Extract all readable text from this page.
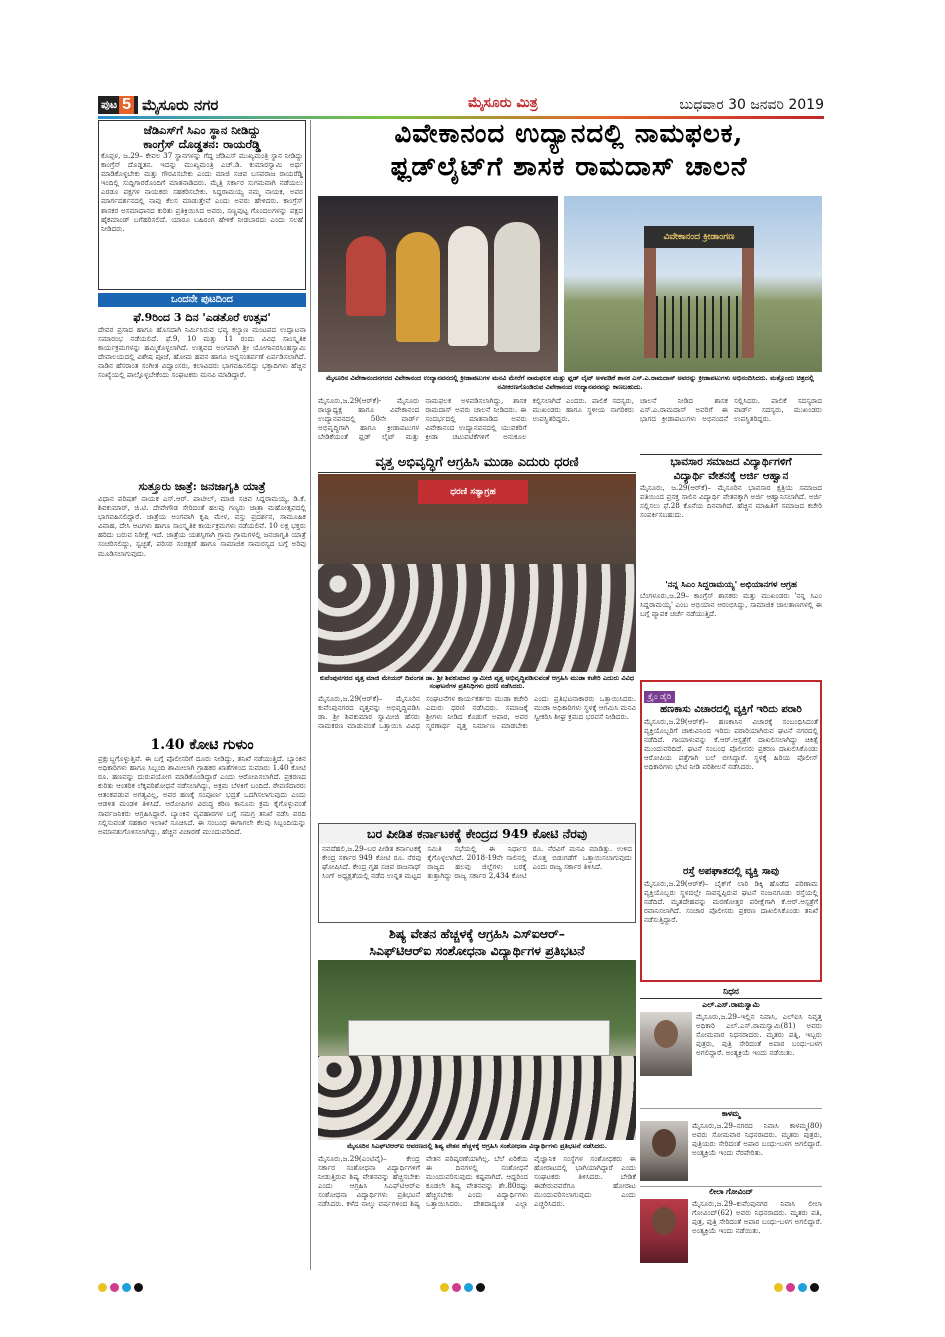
ಪುಟ 5 ಮೈಸೂರು ನಗರ	ಮೈಸೂರು ಮಿತ್ರ	ಬುಧವಾರ 30 ಜನವರಿ 2019

ಜೆಡಿಎಸ್‌ಗೆ ಸಿಎಂ ಸ್ಥಾನ ನೀಡಿದ್ದು

ಕಾಂಗ್ರೆಸ್ ದೊಡ್ಡತನ: ರಾಯರೆಡ್ಡಿ

ಕೊಪ್ಪಳ, ಜ.29– ಕೇವಲ 37 ಸ್ಥಾನಗಳನ್ನು ಗೆದ್ದ ಜೆಡಿಎಸ್ ಮುಖ್ಯಮಂತ್ರಿ ಸ್ಥಾನ ನೀಡಿದ್ದು ಕಾಂಗ್ರೆಸ್ ದೊಡ್ಡತನ. ಇದನ್ನು ಮುಖ್ಯಮಂತ್ರಿ ಎಚ್.ಡಿ. ಕುಮಾರಸ್ವಾಮಿ ಅರ್ಥ ಮಾಡಿಕೊಳ್ಳಬೇಕು ಮತ್ತು ಗೌರವಿಸಬೇಕು ಎಂದು ಮಾಜಿ ಸಚಿವ ಬಸವರಾಜ ರಾಯರೆಡ್ಡಿ ಇಂದಿಲ್ಲಿ ಸುದ್ದಿಗಾರರೊಂದಿಗೆ ಮಾತನಾಡಿದರು. ಮೈತ್ರಿ ಸರ್ಕಾರ ಸುಗಮವಾಗಿ ನಡೆಯಲು ಎರಡೂ ಪಕ್ಷಗಳ ನಾಯಕರು ಸಹಕರಿಸಬೇಕು. ಸಿದ್ದರಾಮಯ್ಯ ನಮ್ಮ ನಾಯಕ, ಅವರ ಮಾರ್ಗದರ್ಶನದಲ್ಲಿ ನಾವು ಕೆಲಸ ಮಾಡುತ್ತೇವೆ ಎಂದು ಅವರು ಹೇಳಿದರು. ಕಾಂಗ್ರೆಸ್ ಶಾಸಕರ ಅಸಮಾಧಾನದ ಕುರಿತು ಪ್ರತಿಕ್ರಿಯಿಸಿದ ಅವರು, ಸಣ್ಣಪುಟ್ಟ ಗೊಂದಲಗಳನ್ನು ಪಕ್ಷದ ಹೈಕಮಾಂಡ್ ಬಗೆಹರಿಸಲಿದೆ. ಯಾರೂ ಬಹಿರಂಗ ಹೇಳಿಕೆ ನೀಡಬಾರದು ಎಂದು ಸಲಹೆ ನೀಡಿದರು.

ಒಂದನೇ ಪುಟದಿಂದ

ಫೆ.9ರಿಂದ 3 ದಿನ 'ಎಡತೊರೆ ಉತ್ಸವ'

ದೇವರ ಪ್ರಸಾದ ಹಾಗೂ ಹೊಸದಾಗಿ ನಿರ್ಮಿಸಿರುವ ಭವ್ಯ ಕಲ್ಯಾಣ ಮಂಟಪದ ಉದ್ಘಾಟನಾ ಸಮಾರಂಭ ನಡೆಯಲಿದೆ. ಫೆ.9, 10 ಮತ್ತು 11 ರಂದು ವಿವಿಧ ಸಾಂಸ್ಕೃತಿಕ ಕಾರ್ಯಕ್ರಮಗಳನ್ನು ಹಮ್ಮಿಕೊಳ್ಳಲಾಗಿದೆ. ಉತ್ಸವದ ಅಂಗವಾಗಿ ಶ್ರೀ ಯೋಗಾನರಸಿಂಹಸ್ವಾಮಿ ದೇವಾಲಯದಲ್ಲಿ ವಿಶೇಷ ಪೂಜೆ, ಹೋಮ ಹವನ ಹಾಗೂ ಅನ್ನಸಂತರ್ಪಣೆ ಏರ್ಪಡಿಸಲಾಗಿದೆ. ನಾಡಿನ ಹೆಸರಾಂತ ಸಂಗೀತ ವಿದ್ವಾಂಸರು, ಕಲಾವಿದರು ಭಾಗವಹಿಸಲಿದ್ದು ಭಕ್ತಾದಿಗಳು ಹೆಚ್ಚಿನ ಸಂಖ್ಯೆಯಲ್ಲಿ ಪಾಲ್ಗೊಳ್ಳಬೇಕೆಂದು ಸಂಘಟಕರು ಮನವಿ ಮಾಡಿದ್ದಾರೆ.

ಸುತ್ತೂರು ಜಾತ್ರೆ: ಜನಜಾಗೃತಿ ಯಾತ್ರೆ

ವಿಧಾನ ಪರಿಷತ್ ನಾಯಕ ಎಸ್.ಆರ್. ಪಾಟೀಲ್, ಮಾಜಿ ಸಚಿವ ಸಿದ್ದರಾಮಯ್ಯ, ಡಿ.ಕೆ. ಶಿವಕುಮಾರ್, ಜಿ.ಟಿ. ದೇವೇಗೌಡ ಸೇರಿದಂತೆ ಹಲವು ಗಣ್ಯರು ಜಾತ್ರಾ ಮಹೋತ್ಸವದಲ್ಲಿ ಭಾಗವಹಿಸಲಿದ್ದಾರೆ. ಜಾತ್ರೆಯ ಅಂಗವಾಗಿ ಕೃಷಿ ಮೇಳ, ವಸ್ತು ಪ್ರದರ್ಶನ, ಸಾಮೂಹಿಕ ವಿವಾಹ, ದೇಸಿ ಆಟಗಳು ಹಾಗೂ ಸಾಂಸ್ಕೃತಿಕ ಕಾರ್ಯಕ್ರಮಗಳು ನಡೆಯಲಿವೆ. 10 ಲಕ್ಷ ಭಕ್ತರು ಹರಿದು ಬರುವ ನಿರೀಕ್ಷೆ ಇದೆ. ಜಾತ್ರೆಯ ಯಶಸ್ಸಿಗಾಗಿ ಗ್ರಾಮ ಗ್ರಾಮಗಳಲ್ಲಿ ಜನಜಾಗೃತಿ ಯಾತ್ರೆ ಸಂಚರಿಸಲಿದ್ದು, ಸ್ವಚ್ಛತೆ, ಪರಿಸರ ಸಂರಕ್ಷಣೆ ಹಾಗೂ ಸಾಮಾಜಿಕ ಸಾಮರಸ್ಯದ ಬಗ್ಗೆ ಅರಿವು ಮೂಡಿಸಲಾಗುವುದು.

1.40 ಕೋಟಿ ಗುಳುಂ

ಪ್ರಕ್ಷುಬ್ಧಗೊಳ್ಳುತ್ತಿವೆ. ಈ ಬಗ್ಗೆ ಪೊಲೀಸರಿಗೆ ದೂರು ನೀಡಿದ್ದು, ತನಿಖೆ ನಡೆಯುತ್ತಿದೆ. ಬ್ಯಾಂಕಿನ ಅಧಿಕಾರಿಗಳು ಹಾಗೂ ಸಿಬ್ಬಂದಿ ಶಾಮೀಲಾಗಿ ಗ್ರಾಹಕರ ಖಾತೆಗಳಿಂದ ಸುಮಾರು 1.40 ಕೋಟಿ ರೂ. ಹಣವನ್ನು ದುರುಪಯೋಗ ಮಾಡಿಕೊಂಡಿದ್ದಾರೆ ಎಂದು ಆರೋಪಿಸಲಾಗಿದೆ. ಪ್ರಕರಣದ ಕುರಿತು ಆಂತರಿಕ ಲೆಕ್ಕಪರಿಶೋಧನೆ ನಡೆಸಲಾಗಿದ್ದು, ಅಕ್ರಮ ಬೆಳಕಿಗೆ ಬಂದಿದೆ. ಠೇವಣಿದಾರರು ಆತಂಕಪಡುವ ಅಗತ್ಯವಿಲ್ಲ, ಅವರ ಹಣಕ್ಕೆ ಸಂಪೂರ್ಣ ಭದ್ರತೆ ಒದಗಿಸಲಾಗುವುದು ಎಂದು ಆಡಳಿತ ಮಂಡಳಿ ತಿಳಿಸಿದೆ. ಆರೋಪಿಗಳ ವಿರುದ್ಧ ಕಠಿಣ ಕಾನೂನು ಕ್ರಮ ಕೈಗೊಳ್ಳುವಂತೆ ಸಾರ್ವಜನಿಕರು ಆಗ್ರಹಿಸಿದ್ದಾರೆ. ಬ್ಯಾಂಕಿನ ವ್ಯವಹಾರಗಳ ಬಗ್ಗೆ ಸಮಗ್ರ ತನಿಖೆ ನಡೆಸಿ ವರದಿ ಸಲ್ಲಿಸುವಂತೆ ಸಹಕಾರ ಇಲಾಖೆ ಸೂಚಿಸಿದೆ. ಈ ಸಂಬಂಧ ಈಗಾಗಲೇ ಕೆಲವು ಸಿಬ್ಬಂದಿಯನ್ನು ಅಮಾನತುಗೊಳಿಸಲಾಗಿದ್ದು, ಹೆಚ್ಚಿನ ವಿಚಾರಣೆ ಮುಂದುವರಿದಿದೆ.

ವಿವೇಕಾನಂದ ಉದ್ಯಾನದಲ್ಲಿ ನಾಮಫಲಕ,

ಫ್ಲಡ್‌ಲೈಟ್‌ಗೆ ಶಾಸಕ ರಾಮದಾಸ್ ಚಾಲನೆ

ವಿವೇಕಾನಂದ ಕ್ರೀಡಾಂಗಣ

ಮೈಸೂರಿನ ವಿವೇಕಾನಂದನಗರದ ವಿವೇಕಾನಂದ ಉದ್ಯಾನವನದಲ್ಲಿ ಕ್ರೀಡಾಪಟುಗಳ ಮನವಿ ಮೇರೆಗೆ ನಾಮಫಲಕ ಮತ್ತು ಫ್ಲಡ್ ಲೈಟ್ ಅಳವಡಿಕೆ ಶಾಸಕ ಎಸ್.ಎ.ರಾಮದಾಸ್ ಅವರನ್ನು ಕ್ರೀಡಾಪಟುಗಳು ಅಭಿನಂದಿಸಿದರು. ಮತ್ತೊಂದು ಚಿತ್ರದಲ್ಲಿ ನವೀಕರಣಗೊಂಡಿರುವ ವಿವೇಕಾನಂದ ಉದ್ಯಾನವನವನ್ನು ಕಾಣಬಹುದು.

ಮೈಸೂರು,ಜ.29(ಆರ್‌ಕೆ)- ಮೈಸೂರು ರಾಜ್ಯಾಧ್ಯಕ್ಷ ಹಾಗೂ ವಿವೇಕಾನಂದ ಉದ್ಯಾನವನದಲ್ಲಿ 50ನೇ ವಾರ್ಡ್ ಅಭಿವೃದ್ಧಿಗಾಗಿ ಹಾಗೂ ಕ್ರೀಡಾಪಟುಗಳ ಬೇಡಿಕೆಯಂತೆ ಫ್ಲಡ್ ಲೈಟ್ ಮತ್ತು ನಾಮಫಲಕ ಅಳವಡಿಸಲಾಗಿದ್ದು, ಶಾಸಕ ರಾಮದಾಸ್ ಅವರು ಚಾಲನೆ ನೀಡಿದರು. ಈ ಸಂದರ್ಭದಲ್ಲಿ ಮಾತನಾಡಿದ ಅವರು ವಿವೇಕಾನಂದ ಉದ್ಯಾನವನದಲ್ಲಿ ಯುವಕರಿಗೆ ಕ್ರೀಡಾ ಚಟುವಟಿಕೆಗಳಿಗೆ ಅನುಕೂಲ ಕಲ್ಪಿಸಲಾಗಿದೆ ಎಂದರು. ಪಾಲಿಕೆ ಸದಸ್ಯರು, ಮುಖಂಡರು ಹಾಗೂ ಸ್ಥಳೀಯ ನಾಗರಿಕರು ಉಪಸ್ಥಿತರಿದ್ದರು.

ವೃತ್ತ ಅಭಿವೃದ್ಧಿಗೆ ಆಗ್ರಹಿಸಿ ಮುಡಾ ಎದುರು ಧರಣಿ

ಧರಣಿ ಸತ್ಯಾಗ್ರಹ

ಕುವೆಂಪುನಗರದ ವೃತ್ತ ಮಾಜಿ ಮೇಯರ್ ದಿವಂಗತ ಡಾ. ಶ್ರೀ ಶಿವಕುಮಾರ ಸ್ವಾಮೀಜಿ ವೃತ್ತ ಅಭಿವೃದ್ಧಿಪಡಿಸುವಂತೆ ಆಗ್ರಹಿಸಿ ಮುಡಾ ಕಚೇರಿ ಎದುರು ವಿವಿಧ ಸಂಘಟನೆಗಳ ಪ್ರತಿನಿಧಿಗಳು ಧರಣಿ ನಡೆಸಿದರು.

ಮೈಸೂರು,ಜ.29(ಆರ್‌ಕೆ)– ಮೈಸೂರಿನ ಕುವೆಂಪುನಗರದ ವೃತ್ತವನ್ನು ಅಭಿವೃದ್ಧಿಪಡಿಸಿ ಡಾ. ಶ್ರೀ ಶಿವಕುಮಾರ ಸ್ವಾಮೀಜಿ ಹೆಸರು ನಾಮಕರಣ ಮಾಡುವಂತೆ ಒತ್ತಾಯಿಸಿ ವಿವಿಧ ಸಂಘಟನೆಗಳ ಕಾರ್ಯಕರ್ತರು ಮುಡಾ ಕಚೇರಿ ಎದುರು ಧರಣಿ ನಡೆಸಿದರು. ಸಮಾಜಕ್ಕೆ ಶ್ರೀಗಳು ನೀಡಿದ ಕೊಡುಗೆ ಅಪಾರ, ಅವರ ಸ್ಮರಣಾರ್ಥ ವೃತ್ತ ನಿರ್ಮಾಣ ಮಾಡಬೇಕು ಎಂದು ಪ್ರತಿಭಟನಾಕಾರರು ಒತ್ತಾಯಿಸಿದರು. ಮುಡಾ ಅಧಿಕಾರಿಗಳು ಸ್ಥಳಕ್ಕೆ ಆಗಮಿಸಿ ಮನವಿ ಸ್ವೀಕರಿಸಿ ಶೀಘ್ರ ಕ್ರಮದ ಭರವಸೆ ನೀಡಿದರು.

ಬರ ಪೀಡಿತ ಕರ್ನಾಟಕಕ್ಕೆ ಕೇಂದ್ರದ 949 ಕೋಟಿ ನೆರವು

ನವದೆಹಲಿ,ಜ.29–ಬರ ಪೀಡಿತ ಕರ್ನಾಟಕಕ್ಕೆ ಕೇಂದ್ರ ಸರ್ಕಾರ 949 ಕೋಟಿ ರೂ. ನೆರವು ಘೋಷಿಸಿದೆ. ಕೇಂದ್ರ ಗೃಹ ಸಚಿವ ರಾಜನಾಥ್ ಸಿಂಗ್ ಅಧ್ಯಕ್ಷತೆಯಲ್ಲಿ ನಡೆದ ಉನ್ನತ ಮಟ್ಟದ ಸಮಿತಿ ಸಭೆಯಲ್ಲಿ ಈ ನಿರ್ಧಾರ ಕೈಗೊಳ್ಳಲಾಗಿದೆ. 2018-19ನೇ ಸಾಲಿನಲ್ಲಿ ರಾಜ್ಯದ ಹಲವು ಜಿಲ್ಲೆಗಳು ಬರಕ್ಕೆ ತುತ್ತಾಗಿದ್ದು ರಾಜ್ಯ ಸರ್ಕಾರ 2,434 ಕೋಟಿ ರೂ. ನೆರವಿಗೆ ಮನವಿ ಮಾಡಿತ್ತು. ಉಳಿದ ಮೊತ್ತ ಬಿಡುಗಡೆಗೆ ಒತ್ತಾಯಿಸಲಾಗುವುದು ಎಂದು ರಾಜ್ಯ ಸರ್ಕಾರ ತಿಳಿಸಿದೆ.

ಶಿಷ್ಯ ವೇತನ ಹೆಚ್ಚಳಕ್ಕೆ ಆಗ್ರಹಿಸಿ ಎಸ್‌ಐಆರ್–

ಸಿಎಫ್‌ಟಿಆರ್‌ಐ ಸಂಶೋಧನಾ ವಿದ್ಯಾರ್ಥಿಗಳ ಪ್ರತಿಭಟನೆ

ಮೈಸೂರಿನ ಸಿಎಫ್‌ಟಿಆರ್‌ಐ ಆವರಣದಲ್ಲಿ ಶಿಷ್ಯ ವೇತನ ಹೆಚ್ಚಳಕ್ಕೆ ಆಗ್ರಹಿಸಿ ಸಂಶೋಧನಾ ವಿದ್ಯಾರ್ಥಿಗಳು ಪ್ರತಿಭಟನೆ ನಡೆಸಿದರು.

ಮೈಸೂರು,ಜ.29(ಎಂಟಿವೈ)– ಕೇಂದ್ರ ಸರ್ಕಾರ ಸಂಶೋಧನಾ ವಿದ್ಯಾರ್ಥಿಗಳಿಗೆ ನೀಡುತ್ತಿರುವ ಶಿಷ್ಯ ವೇತನವನ್ನು ಹೆಚ್ಚಿಸಬೇಕು ಎಂದು ಆಗ್ರಹಿಸಿ ಸಿಎಫ್‌ಟಿಆರ್‌ಐ ಸಂಶೋಧನಾ ವಿದ್ಯಾರ್ಥಿಗಳು ಪ್ರತಿಭಟನೆ ನಡೆಸಿದರು. ಕಳೆದ ನಾಲ್ಕು ವರ್ಷಗಳಿಂದ ಶಿಷ್ಯ ವೇತನ ಪರಿಷ್ಕರಣೆಯಾಗಿಲ್ಲ. ಬೆಲೆ ಏರಿಕೆಯ ಈ ದಿನಗಳಲ್ಲಿ ಸಂಶೋಧನೆ ಮುಂದುವರಿಸುವುದು ಕಷ್ಟವಾಗಿದೆ. ಆದ್ದರಿಂದ ಕೂಡಲೇ ಶಿಷ್ಯ ವೇತನವನ್ನು ಶೇ.80ರಷ್ಟು ಹೆಚ್ಚಿಸಬೇಕು ಎಂದು ವಿದ್ಯಾರ್ಥಿಗಳು ಒತ್ತಾಯಿಸಿದರು. ದೇಶದಾದ್ಯಂತ ಎಲ್ಲಾ ವೈಜ್ಞಾನಿಕ ಸಂಸ್ಥೆಗಳ ಸಂಶೋಧಕರು ಈ ಹೋರಾಟದಲ್ಲಿ ಭಾಗಿಯಾಗಿದ್ದಾರೆ ಎಂದು ಸಂಘಟಕರು ತಿಳಿಸಿದರು. ಬೇಡಿಕೆ ಈಡೇರುವವರೆಗೂ ಹೋರಾಟ ಮುಂದುವರಿಸಲಾಗುವುದು ಎಂದು ಎಚ್ಚರಿಸಿದರು.

ಚಾಲನೆ ನೀಡಿದ ಶಾಸಕ ಎಸ್.ಎ.ರಾಮದಾಸ್ ಅವರಿಗೆ ಈ ಭಾಗದ ಕ್ರೀಡಾಪಟುಗಳು ಅಭಿನಂದನೆ ಸಲ್ಲಿಸಿದರು. ಪಾಲಿಕೆ ಸದಸ್ಯರಾದ ವಾರ್ಡ್ ಸದಸ್ಯರು, ಮುಖಂಡರು ಉಪಸ್ಥಿತರಿದ್ದರು.

ಭಾವಸಾರ ಸಮಾಜದ ವಿದ್ಯಾರ್ಥಿಗಳಿಗೆ

ವಿದ್ಯಾರ್ಥಿ ವೇತನಕ್ಕೆ ಅರ್ಜಿ ಆಹ್ವಾನ

ಮೈಸೂರು, ಜ.29(ಆರ್‌ಕೆ)– ಮೈಸೂರಿನ ಭಾವಸಾರ ಕ್ಷತ್ರಿಯ ಸಮಾಜದ ವತಿಯಿಂದ ಪ್ರಸಕ್ತ ಸಾಲಿನ ವಿದ್ಯಾರ್ಥಿ ವೇತನಕ್ಕಾಗಿ ಅರ್ಜಿ ಆಹ್ವಾನಿಸಲಾಗಿದೆ. ಅರ್ಜಿ ಸಲ್ಲಿಸಲು ಫೆ.28 ಕೊನೆಯ ದಿನವಾಗಿದೆ. ಹೆಚ್ಚಿನ ಮಾಹಿತಿಗೆ ಸಮಾಜದ ಕಚೇರಿ ಸಂಪರ್ಕಿಸಬಹುದು.

'ನನ್ನ ಸಿಎಂ ಸಿದ್ದರಾಮಯ್ಯ' ಅಭಿಯಾನಗಳ ಆಗ್ರಹ

ಬೆಂಗಳೂರು,ಜ.29– ಕಾಂಗ್ರೆಸ್ ಶಾಸಕರು ಮತ್ತು ಮುಖಂಡರು 'ನನ್ನ ಸಿಎಂ ಸಿದ್ದರಾಮಯ್ಯ' ಎಂಬ ಅಭಿಯಾನ ಆರಂಭಿಸಿದ್ದು, ಸಾಮಾಜಿಕ ಜಾಲತಾಣಗಳಲ್ಲಿ ಈ ಬಗ್ಗೆ ವ್ಯಾಪಕ ಚರ್ಚೆ ನಡೆಯುತ್ತಿದೆ.

ಕ್ರೈಂ ಡೈರಿ

ಹಣಕಾಸು ವಿಚಾರದಲ್ಲಿ ವ್ಯಕ್ತಿಗೆ ಇರಿದು ಪರಾರಿ

ಮೈಸೂರು,ಜ.29(ಆರ್‌ಕೆ)– ಹಣಕಾಸಿನ ವಿಚಾರಕ್ಕೆ ಸಂಬಂಧಿಸಿದಂತೆ ವ್ಯಕ್ತಿಯೊಬ್ಬರಿಗೆ ಚಾಕುವಿನಿಂದ ಇರಿದು ಪರಾರಿಯಾಗಿರುವ ಘಟನೆ ನಗರದಲ್ಲಿ ನಡೆದಿದೆ. ಗಾಯಾಳುವನ್ನು ಕೆ.ಆರ್.ಆಸ್ಪತ್ರೆಗೆ ದಾಖಲಿಸಲಾಗಿದ್ದು ಚಿಕಿತ್ಸೆ ಮುಂದುವರಿದಿದೆ. ಘಟನೆ ಸಂಬಂಧ ಪೊಲೀಸರು ಪ್ರಕರಣ ದಾಖಲಿಸಿಕೊಂಡು ಆರೋಪಿಯ ಪತ್ತೆಗಾಗಿ ಬಲೆ ಬೀಸಿದ್ದಾರೆ. ಸ್ಥಳಕ್ಕೆ ಹಿರಿಯ ಪೊಲೀಸ್ ಅಧಿಕಾರಿಗಳು ಭೇಟಿ ನೀಡಿ ಪರಿಶೀಲನೆ ನಡೆಸಿದರು.

ರಸ್ತೆ ಅಪಘಾತದಲ್ಲಿ ವ್ಯಕ್ತಿ ಸಾವು

ಮೈಸೂರು,ಜ.29(ಆರ್‌ಕೆ)– ಬೈಕ್‌ಗೆ ಲಾರಿ ಡಿಕ್ಕಿ ಹೊಡೆದ ಪರಿಣಾಮ ವ್ಯಕ್ತಿಯೊಬ್ಬರು ಸ್ಥಳದಲ್ಲೇ ಸಾವನ್ನಪ್ಪಿರುವ ಘಟನೆ ನಂಜನಗೂಡು ರಸ್ತೆಯಲ್ಲಿ ನಡೆದಿದೆ. ಮೃತದೇಹವನ್ನು ಮರಣೋತ್ತರ ಪರೀಕ್ಷೆಗಾಗಿ ಕೆ.ಆರ್.ಆಸ್ಪತ್ರೆಗೆ ರವಾನಿಸಲಾಗಿದೆ. ಸಂಚಾರ ಪೊಲೀಸರು ಪ್ರಕರಣ ದಾಖಲಿಸಿಕೊಂಡು ತನಿಖೆ ನಡೆಸುತ್ತಿದ್ದಾರೆ.

ನಿಧನ

ಎಲ್.ಎಸ್.ರಾಮಸ್ವಾಮಿ

ಮೈಸೂರು,ಜ.29–ಇಲ್ಲಿನ ನಿವಾಸಿ, ಎಲ್‌ಐಸಿ ನಿವೃತ್ತ ಅಧಿಕಾರಿ ಎಲ್.ಎಸ್.ರಾಮಸ್ವಾಮಿ(81) ಅವರು ಸೋಮವಾರ ನಿಧನರಾದರು. ಮೃತರು ಪತ್ನಿ, ಇಬ್ಬರು ಪುತ್ರರು, ಪುತ್ರಿ ಸೇರಿದಂತೆ ಅಪಾರ ಬಂಧು-ಬಳಗ ಅಗಲಿದ್ದಾರೆ. ಅಂತ್ಯಕ್ರಿಯೆ ಇಂದು ನಡೆಯಿತು.

ಕಾಳಮ್ಮ

ಮೈಸೂರು,ಜ.29–ನಗರದ ನಿವಾಸಿ ಕಾಳಮ್ಮ(80) ಅವರು ಸೋಮವಾರ ನಿಧನರಾದರು. ಮೃತರು ಪುತ್ರರು, ಪುತ್ರಿಯರು ಸೇರಿದಂತೆ ಅಪಾರ ಬಂಧು-ಬಳಗ ಅಗಲಿದ್ದಾರೆ. ಅಂತ್ಯಕ್ರಿಯೆ ಇಂದು ನೆರವೇರಿತು.

ಲೀಲಾ ಗೋವಿಂದ್

ಮೈಸೂರು,ಜ.29–ಕುವೆಂಪುನಗರ ನಿವಾಸಿ ಲೀಲಾ ಗೋವಿಂದ್(62) ಅವರು ನಿಧನರಾದರು. ಮೃತರು ಪತಿ, ಪುತ್ರ, ಪುತ್ರಿ ಸೇರಿದಂತೆ ಅಪಾರ ಬಂಧು-ಬಳಗ ಅಗಲಿದ್ದಾರೆ. ಅಂತ್ಯಕ್ರಿಯೆ ಇಂದು ನಡೆಯಿತು.
